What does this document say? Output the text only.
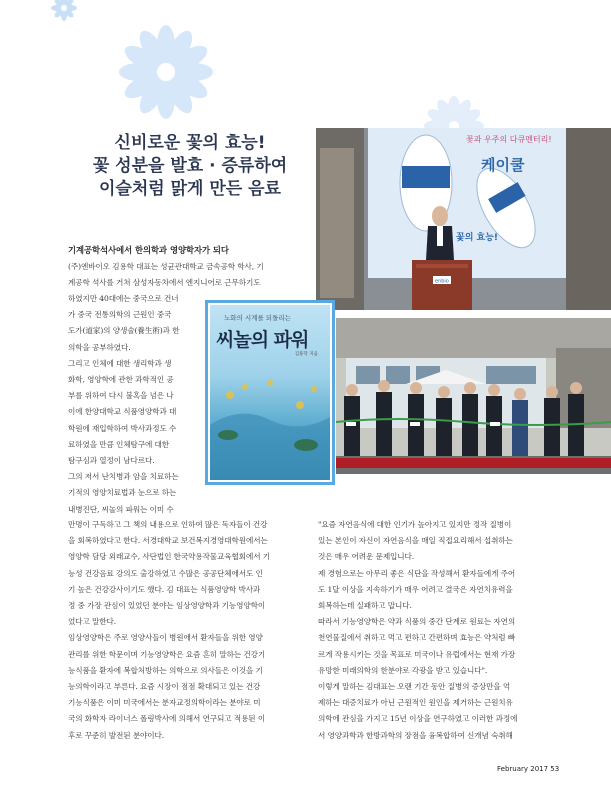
신비로운 꽃의 효능!
꽃 성분을 발효 · 증류하여
이슬처럼 맑게 만든 음료
케이쿨
꽃과 우주의 다큐멘터리!
꽃의 효능!
enbio
기계공학석사에서 한의학과 영양학자가 되다
(주)엔바이오 김용학 대표는 성균관대학교 금속공학 학사, 기
계공학 석사를 거쳐 삼성자동차에서 엔지니어로 근무하기도
하였지만 40대에는 중국으로 건너
가 중국 전통의학의 근원인 중국
도가(道家)의 양생술(養生術)과 한
의학을 공부하였다.
그리고 인체에 대한 생리학과 생
화학, 영양학에 관한 과학적인 공
부를 위하여 다시 불혹을 넘은 나
이에 한양대학교 식품영양학과 대
학원에 재입학하여 박사과정도 수
료하였을 만큼 인체탐구에 대한
탐구심과 열정이 남다르다.
그의 저서 난치병과 암을 치료하는
기적의 영양치료법과 눈으로 하는
내병진단, 씨놀의 파워는 이미 수
노화의 시계를 되돌리는
씨놀의 파워
김용학 지음
만명이 구독하고 그 책의 내용으로 인하여 많은 독자들이 건강
을 회복하였다고 한다. 서경대학교 보건복지경영대학원에서는
영양학 담당 외래교수, 사단법인 한국약용작물교육협회에서 기
능성 건강음료 강의도 출강하였고 수많은 공공단체에서도 인
기 높은 건강강사이기도 했다. 김 대표는 식품영양학 박사과
정 중 가장 관심이 있었던 분야는 임상영양학과 기능영양학이
었다고 말한다.
임상영양학은 주로 영양사들이 병원에서 환자들을 위한 영양
관리를 위한 학문이며 기능영양학은 요즘 흔히 말하는 건강기
능식품을 환자에 복합처방하는 의학으로 의사들은 이것을 기
능의학이라고 부른다. 요즘 시장이 점점 확대되고 있는 건강
기능식품은 이미 미국에서는 분자교정의학이라는 분야로 미
국의 화학자 라이너스 폴링박사에 의해서 연구되고 적용된 이
후로 꾸준히 발전된 분야이다.
"요즘 자연음식에 대한 인기가 높아지고 있지만 정작 질병이
있는 본인이 자신이 자연음식을 매일 직접요리해서 섭취하는
것은 매우 어려운 문제입니다.
제 경험으로는 아무리 좋은 식단을 작성해서 환자들에게 주어
도 1달 이상을 지속하기가 매우 어려고 결국은 자연치유력을
회복하는데 실패하고 맙니다.
따라서 기능영양학은 약과 식품의 중간 단계로 원료는 자연의
천연물질에서 취하고 먹고 편하고 간편하며 효능은 약처럼 빠
르게 작용시키는 것을 목표로 미국이나 유럽에서는 현재 가장
유망한 미래의학의 한분야로 각광을 받고 있습니다".
이렇게 말하는 김대표는 오랜 기간 동안 질병의 증상만을 억
제하는 대증치료가 아닌 근원적인 원인을 제거하는 근원치유
의학에 관심을 가지고 15년 이상을 연구하였고 이러한 과정에
서 영양과학과 한방과학의 장점을 융복합하여 신개념 숙취해
February 2017 53
